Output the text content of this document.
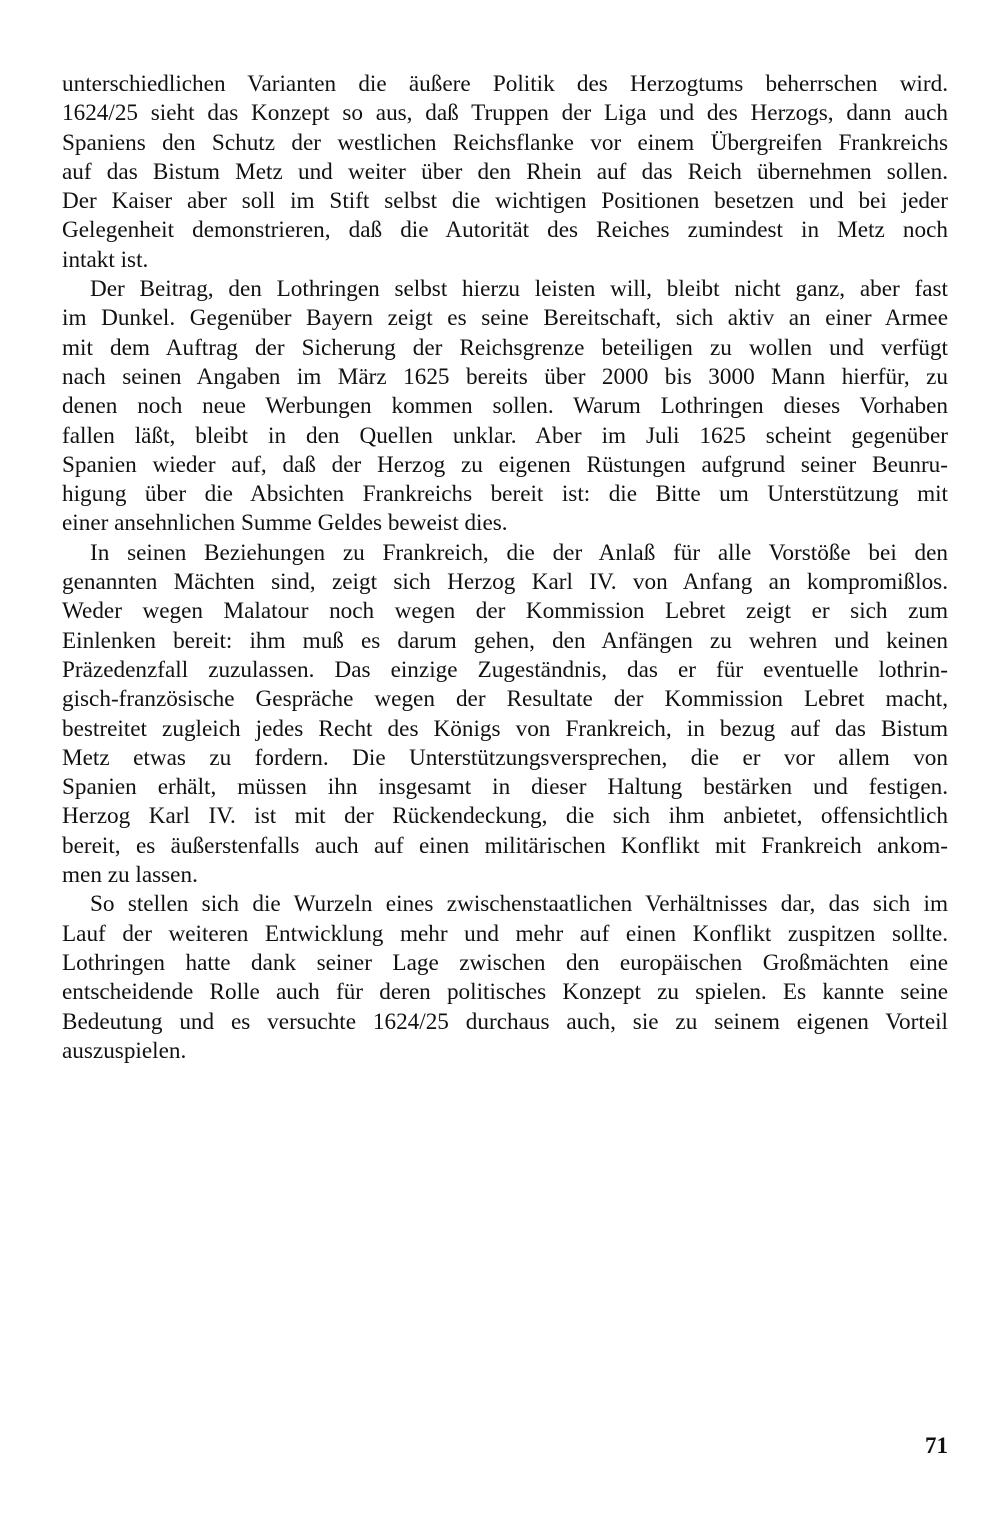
unterschiedlichen Varianten die äußere Politik des Herzogtums beherrschen wird.
1624/25 sieht das Konzept so aus, daß Truppen der Liga und des Herzogs, dann auch
Spaniens den Schutz der westlichen Reichsflanke vor einem Übergreifen Frankreichs
auf das Bistum Metz und weiter über den Rhein auf das Reich übernehmen sollen.
Der Kaiser aber soll im Stift selbst die wichtigen Positionen besetzen und bei jeder
Gelegenheit demonstrieren, daß die Autorität des Reiches zumindest in Metz noch
intakt ist.
Der Beitrag, den Lothringen selbst hierzu leisten will, bleibt nicht ganz, aber fast
im Dunkel. Gegenüber Bayern zeigt es seine Bereitschaft, sich aktiv an einer Armee
mit dem Auftrag der Sicherung der Reichsgrenze beteiligen zu wollen und verfügt
nach seinen Angaben im März 1625 bereits über 2000 bis 3000 Mann hierfür, zu
denen noch neue Werbungen kommen sollen. Warum Lothringen dieses Vorhaben
fallen läßt, bleibt in den Quellen unklar. Aber im Juli 1625 scheint gegenüber
Spanien wieder auf, daß der Herzog zu eigenen Rüstungen aufgrund seiner Beunru-
higung über die Absichten Frankreichs bereit ist: die Bitte um Unterstützung mit
einer ansehnlichen Summe Geldes beweist dies.
In seinen Beziehungen zu Frankreich, die der Anlaß für alle Vorstöße bei den
genannten Mächten sind, zeigt sich Herzog Karl IV. von Anfang an kompromißlos.
Weder wegen Malatour noch wegen der Kommission Lebret zeigt er sich zum
Einlenken bereit: ihm muß es darum gehen, den Anfängen zu wehren und keinen
Präzedenzfall zuzulassen. Das einzige Zugeständnis, das er für eventuelle lothrin-
gisch-französische Gespräche wegen der Resultate der Kommission Lebret macht,
bestreitet zugleich jedes Recht des Königs von Frankreich, in bezug auf das Bistum
Metz etwas zu fordern. Die Unterstützungsversprechen, die er vor allem von
Spanien erhält, müssen ihn insgesamt in dieser Haltung bestärken und festigen.
Herzog Karl IV. ist mit der Rückendeckung, die sich ihm anbietet, offensichtlich
bereit, es äußerstenfalls auch auf einen militärischen Konflikt mit Frankreich ankom-
men zu lassen.
So stellen sich die Wurzeln eines zwischenstaatlichen Verhältnisses dar, das sich im
Lauf der weiteren Entwicklung mehr und mehr auf einen Konflikt zuspitzen sollte.
Lothringen hatte dank seiner Lage zwischen den europäischen Großmächten eine
entscheidende Rolle auch für deren politisches Konzept zu spielen. Es kannte seine
Bedeutung und es versuchte 1624/25 durchaus auch, sie zu seinem eigenen Vorteil
auszuspielen.
71
